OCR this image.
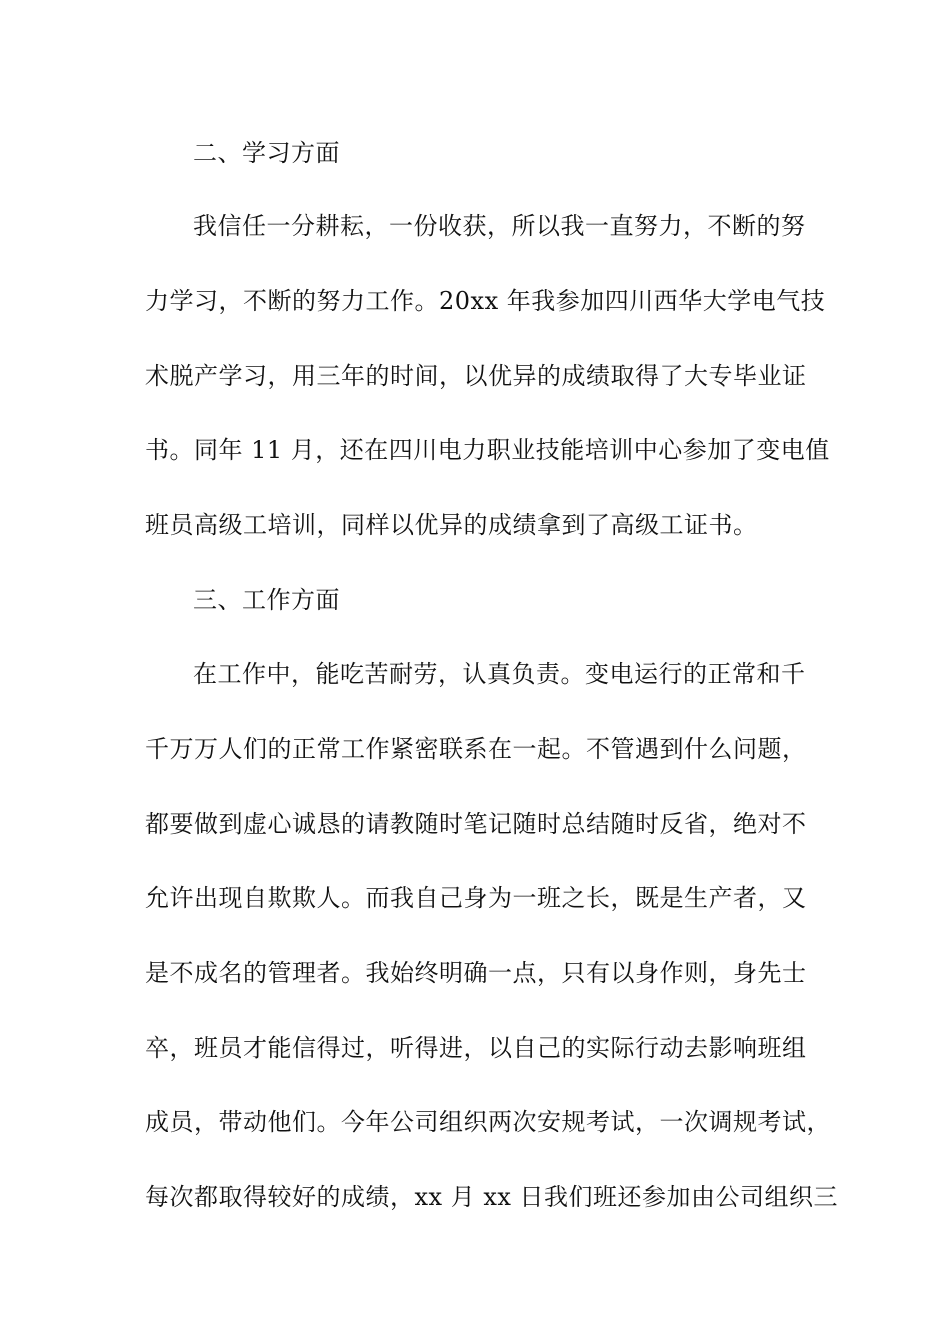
二、学习方面
我信任一分耕耘，一份收获，所以我一直努力，不断的努
力学习，不断的努力工作。20xx 年我参加四川西华大学电气技
术脱产学习，用三年的时间，以优异的成绩取得了大专毕业证
书。同年 11 月，还在四川电力职业技能培训中心参加了变电值
班员高级工培训，同样以优异的成绩拿到了高级工证书。
三、工作方面
在工作中，能吃苦耐劳，认真负责。变电运行的正常和千
千万万人们的正常工作紧密联系在一起。不管遇到什么问题，
都要做到虚心诚恳的请教随时笔记随时总结随时反省，绝对不
允许出现自欺欺人。而我自己身为一班之长，既是生产者，又
是不成名的管理者。我始终明确一点，只有以身作则，身先士
卒，班员才能信得过，听得进，以自己的实际行动去影响班组
成员，带动他们。今年公司组织两次安规考试，一次调规考试，
每次都取得较好的成绩，xx 月 xx 日我们班还参加由公司组织三
